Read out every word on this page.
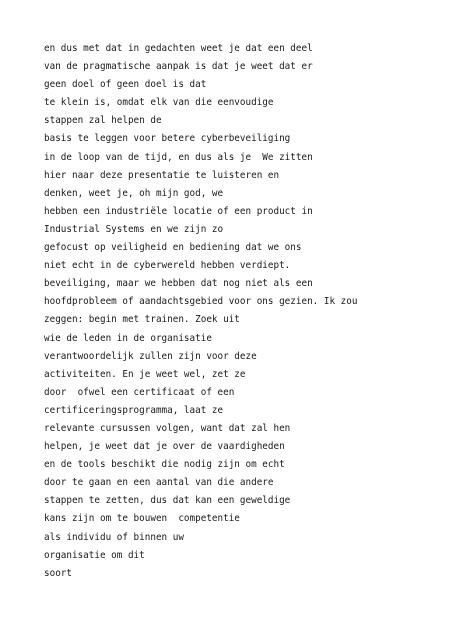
en dus met dat in gedachten weet je dat een deel
van de pragmatische aanpak is dat je weet dat er
geen doel of geen doel is dat
te klein is, omdat elk van die eenvoudige
stappen zal helpen de
basis te leggen voor betere cyberbeveiliging
in de loop van de tijd, en dus als je  We zitten
hier naar deze presentatie te luisteren en
denken, weet je, oh mijn god, we
hebben een industriële locatie of een product in
Industrial Systems en we zijn zo
gefocust op veiligheid en bediening dat we ons
niet echt in de cyberwereld hebben verdiept.
beveiliging, maar we hebben dat nog niet als een
hoofdprobleem of aandachtsgebied voor ons gezien. Ik zou
zeggen: begin met trainen. Zoek uit
wie de leden in de organisatie
verantwoordelijk zullen zijn voor deze
activiteiten. En je weet wel, zet ze
door  ofwel een certificaat of een
certificeringsprogramma, laat ze
relevante cursussen volgen, want dat zal hen
helpen, je weet dat je over de vaardigheden
en de tools beschikt die nodig zijn om echt
door te gaan en een aantal van die andere
stappen te zetten, dus dat kan een geweldige
kans zijn om te bouwen  competentie
als individu of binnen uw
organisatie om dit
soort
